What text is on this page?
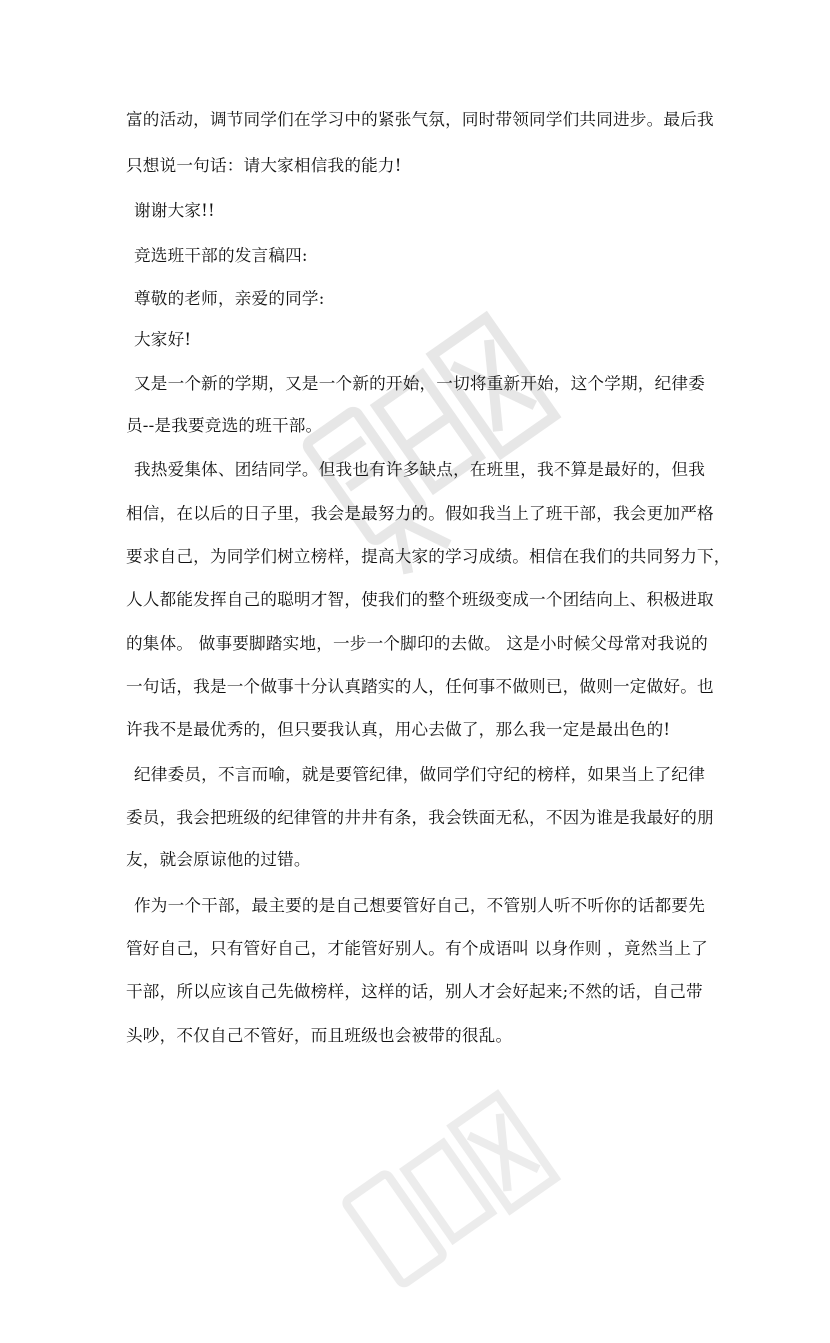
富的活动，调节同学们在学习中的紧张气氛，同时带领同学们共同进步。最后我
只想说一句话：请大家相信我的能力!
谢谢大家!!
竞选班干部的发言稿四:
尊敬的老师，亲爱的同学:
大家好!
又是一个新的学期，又是一个新的开始，一切将重新开始，这个学期，纪律委
员--是我要竞选的班干部。
我热爱集体、团结同学。但我也有许多缺点，在班里，我不算是最好的，但我
相信，在以后的日子里，我会是最努力的。假如我当上了班干部，我会更加严格
要求自己，为同学们树立榜样，提高大家的学习成绩。相信在我们的共同努力下，
人人都能发挥自己的聪明才智，使我们的整个班级变成一个团结向上、积极进取
的集体。 做事要脚踏实地，一步一个脚印的去做。 这是小时候父母常对我说的
一句话，我是一个做事十分认真踏实的人，任何事不做则已，做则一定做好。也
许我不是最优秀的，但只要我认真，用心去做了，那么我一定是最出色的!
纪律委员，不言而喻，就是要管纪律，做同学们守纪的榜样，如果当上了纪律
委员，我会把班级的纪律管的井井有条，我会铁面无私，不因为谁是我最好的朋
友，就会原谅他的过错。
作为一个干部，最主要的是自己想要管好自己，不管别人听不听你的话都要先
管好自己，只有管好自己，才能管好别人。有个成语叫 以身作则 ，竟然当上了
干部，所以应该自己先做榜样，这样的话，别人才会好起来;不然的话，自己带
头吵，不仅自己不管好，而且班级也会被带的很乱。
